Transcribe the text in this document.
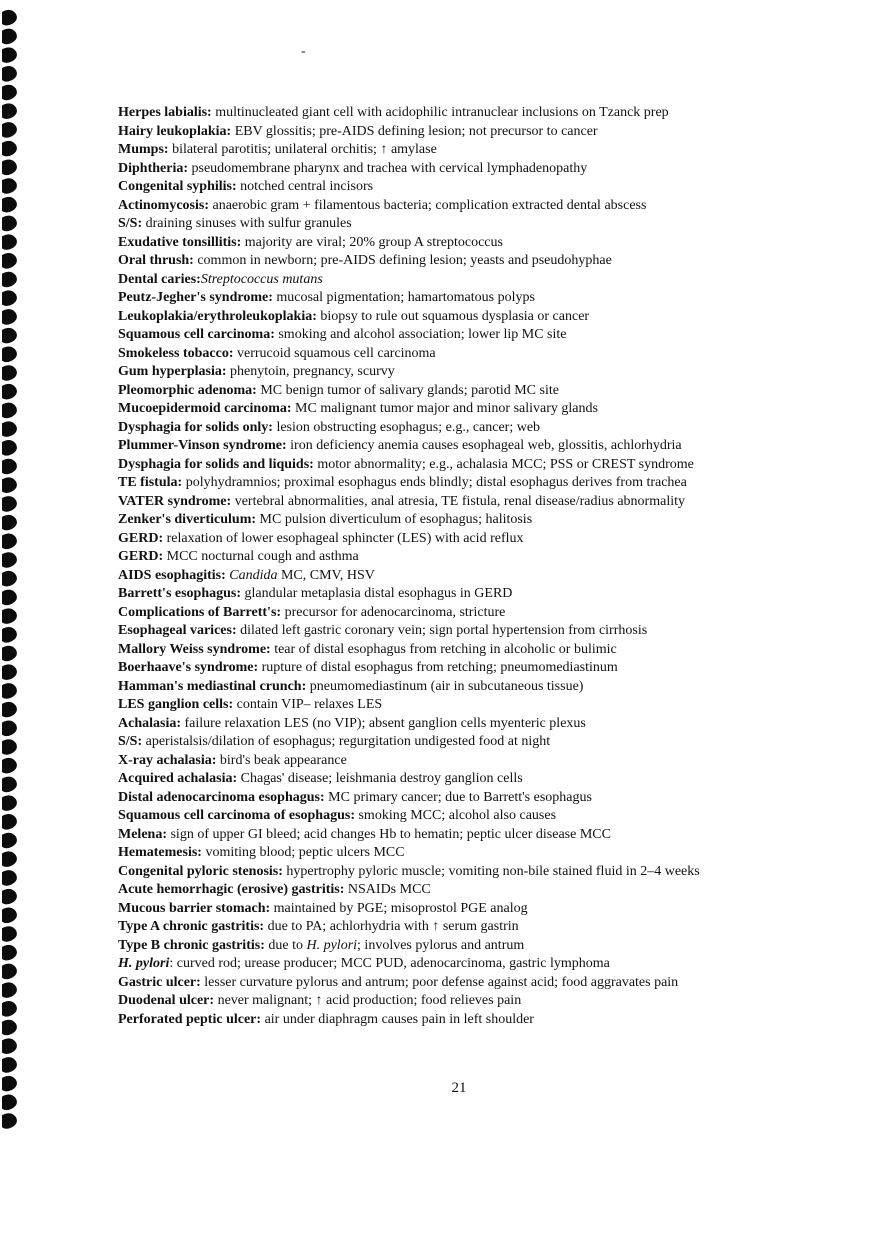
-
Herpes labialis: multinucleated giant cell with acidophilic intranuclear inclusions on Tzanck prep
Hairy leukoplakia: EBV glossitis; pre-AIDS defining lesion; not precursor to cancer
Mumps: bilateral parotitis; unilateral orchitis; ↑ amylase
Diphtheria: pseudomembrane pharynx and trachea with cervical lymphadenopathy
Congenital syphilis: notched central incisors
Actinomycosis: anaerobic gram + filamentous bacteria; complication extracted dental abscess
S/S: draining sinuses with sulfur granules
Exudative tonsillitis: majority are viral; 20% group A streptococcus
Oral thrush: common in newborn; pre-AIDS defining lesion; yeasts and pseudohyphae
Dental caries:Streptococcus mutans
Peutz-Jegher's syndrome: mucosal pigmentation; hamartomatous polyps
Leukoplakia/erythroleukoplakia: biopsy to rule out squamous dysplasia or cancer
Squamous cell carcinoma: smoking and alcohol association; lower lip MC site
Smokeless tobacco: verrucoid squamous cell carcinoma
Gum hyperplasia: phenytoin, pregnancy, scurvy
Pleomorphic adenoma: MC benign tumor of salivary glands; parotid MC site
Mucoepidermoid carcinoma: MC malignant tumor major and minor salivary glands
Dysphagia for solids only: lesion obstructing esophagus; e.g., cancer; web
Plummer-Vinson syndrome: iron deficiency anemia causes esophageal web, glossitis, achlorhydria
Dysphagia for solids and liquids: motor abnormality; e.g., achalasia MCC; PSS or CREST syndrome
TE fistula: polyhydramnios; proximal esophagus ends blindly; distal esophagus derives from trachea
VATER syndrome: vertebral abnormalities, anal atresia, TE fistula, renal disease/radius abnormality
Zenker's diverticulum: MC pulsion diverticulum of esophagus; halitosis
GERD: relaxation of lower esophageal sphincter (LES) with acid reflux
GERD: MCC nocturnal cough and asthma
AIDS esophagitis: Candida MC, CMV, HSV
Barrett's esophagus: glandular metaplasia distal esophagus in GERD
Complications of Barrett's: precursor for adenocarcinoma, stricture
Esophageal varices: dilated left gastric coronary vein; sign portal hypertension from cirrhosis
Mallory Weiss syndrome: tear of distal esophagus from retching in alcoholic or bulimic
Boerhaave's syndrome: rupture of distal esophagus from retching; pneumomediastinum
Hamman's mediastinal crunch: pneumomediastinum (air in subcutaneous tissue)
LES ganglion cells: contain VIP– relaxes LES
Achalasia: failure relaxation LES (no VIP); absent ganglion cells myenteric plexus
S/S: aperistalsis/dilation of esophagus; regurgitation undigested food at night
X-ray achalasia: bird's beak appearance
Acquired achalasia: Chagas' disease; leishmania destroy ganglion cells
Distal adenocarcinoma esophagus: MC primary cancer; due to Barrett's esophagus
Squamous cell carcinoma of esophagus: smoking MCC; alcohol also causes
Melena: sign of upper GI bleed; acid changes Hb to hematin; peptic ulcer disease MCC
Hematemesis: vomiting blood; peptic ulcers MCC
Congenital pyloric stenosis: hypertrophy pyloric muscle; vomiting non-bile stained fluid in 2–4 weeks
Acute hemorrhagic (erosive) gastritis: NSAIDs MCC
Mucous barrier stomach: maintained by PGE; misoprostol PGE analog
Type A chronic gastritis: due to PA; achlorhydria with ↑ serum gastrin
Type B chronic gastritis: due to H. pylori; involves pylorus and antrum
H. pylori: curved rod; urease producer; MCC PUD, adenocarcinoma, gastric lymphoma
Gastric ulcer: lesser curvature pylorus and antrum; poor defense against acid; food aggravates pain
Duodenal ulcer: never malignant; ↑ acid production; food relieves pain
Perforated peptic ulcer: air under diaphragm causes pain in left shoulder
21
